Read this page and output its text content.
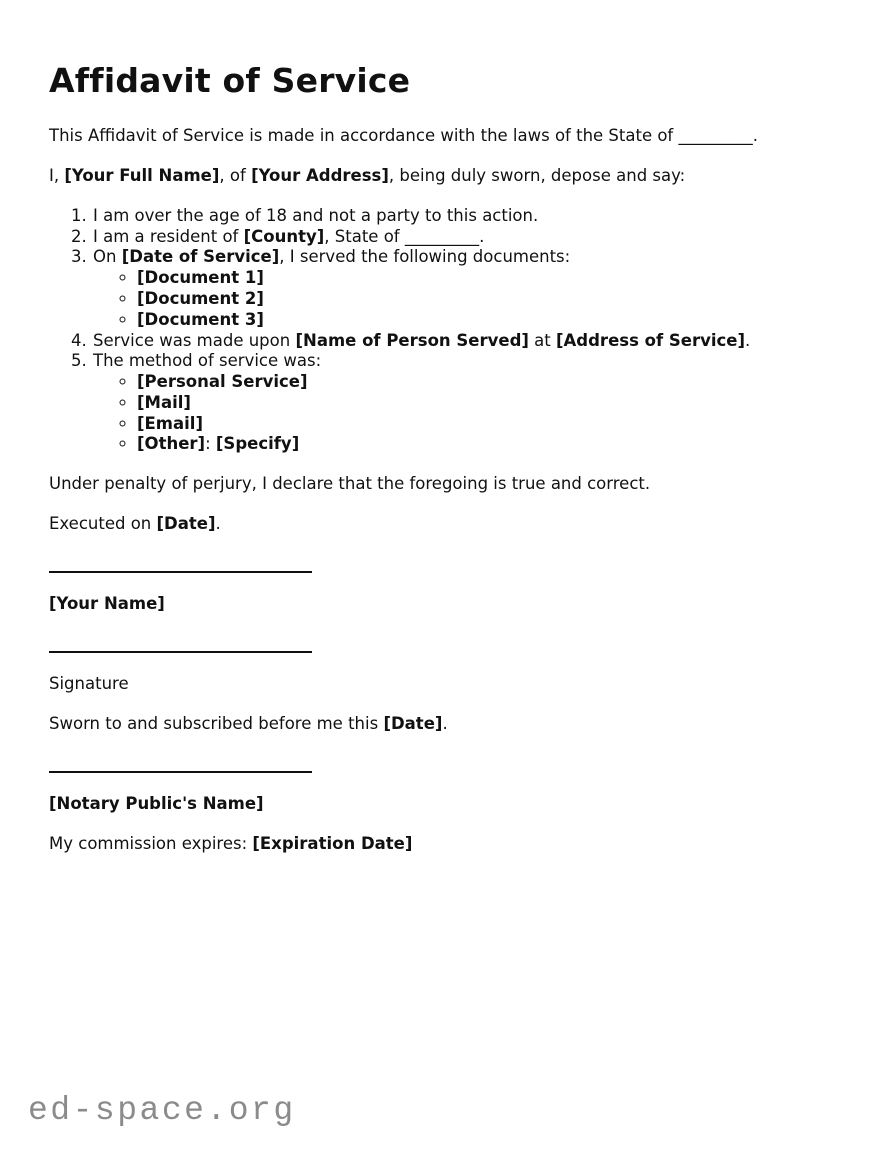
Affidavit of Service

This Affidavit of Service is made in accordance with the laws of the State of _________.

I, [Your Full Name], of [Your Address], being duly sworn, depose and say:

1. I am over the age of 18 and not a party to this action.
2. I am a resident of [County], State of _________.
3. On [Date of Service], I served the following documents:
◦ [Document 1]
◦ [Document 2]
◦ [Document 3]
4. Service was made upon [Name of Person Served] at [Address of Service].
5. The method of service was:
◦ [Personal Service]
◦ [Mail]
◦ [Email]
◦ [Other]: [Specify]

Under penalty of perjury, I declare that the foregoing is true and correct.

Executed on [Date].

[Your Name]

Signature

Sworn to and subscribed before me this [Date].

[Notary Public's Name]

My commission expires: [Expiration Date]

ed-space.org
